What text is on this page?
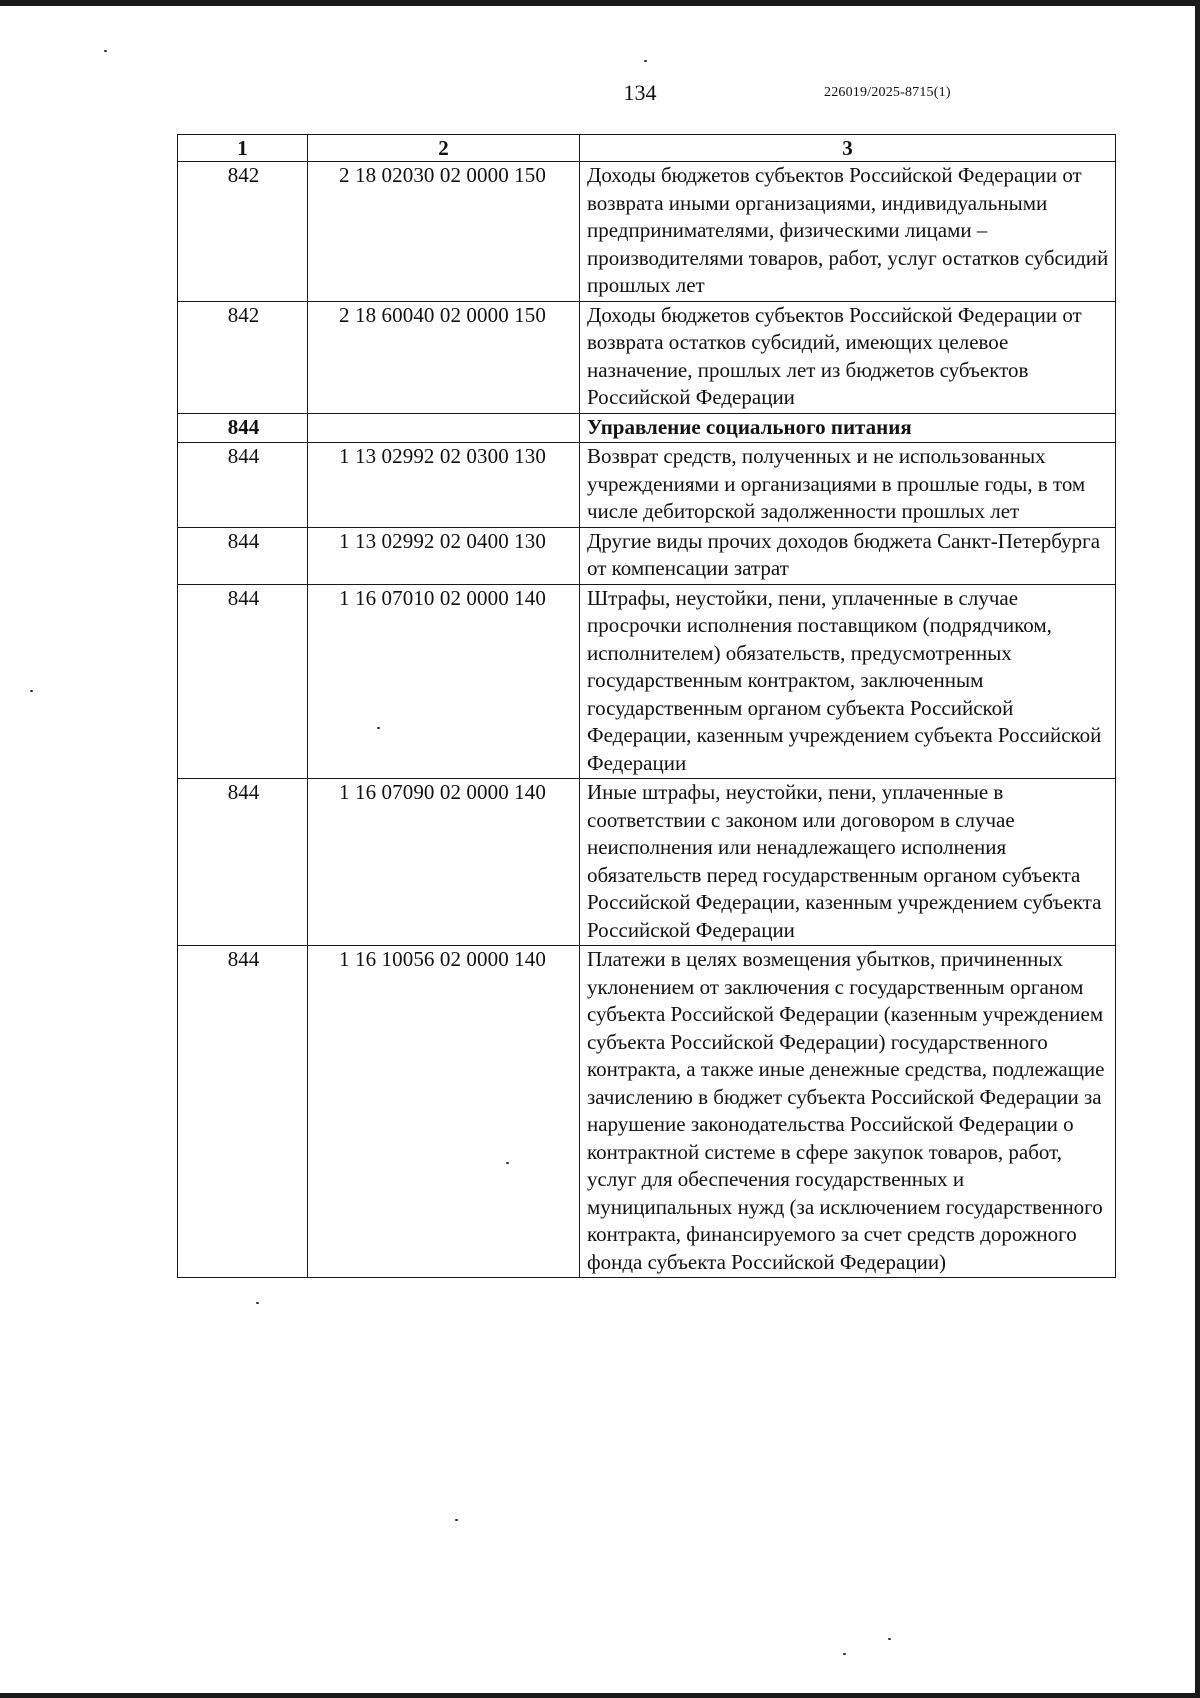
134	226019/2025-8715(1)
1	2	3
842	2 18 02030 02 0000 150	Доходы бюджетов субъектов Российской Федерации от возврата иными организациями, индивидуальными предпринимателями, физическими лицами – производителями товаров, работ, услуг остатков субсидий прошлых лет
842	2 18 60040 02 0000 150	Доходы бюджетов субъектов Российской Федерации от возврата остатков субсидий, имеющих целевое назначение, прошлых лет из бюджетов субъектов Российской Федерации
844		Управление социального питания
844	1 13 02992 02 0300 130	Возврат средств, полученных и не использованных учреждениями и организациями в прошлые годы, в том числе дебиторской задолженности прошлых лет
844	1 13 02992 02 0400 130	Другие виды прочих доходов бюджета Санкт-Петербурга от компенсации затрат
844	1 16 07010 02 0000 140	Штрафы, неустойки, пени, уплаченные в случае просрочки исполнения поставщиком (подрядчиком, исполнителем) обязательств, предусмотренных государственным контрактом, заключенным государственным органом субъекта Российской Федерации, казенным учреждением субъекта Российской Федерации
844	1 16 07090 02 0000 140	Иные штрафы, неустойки, пени, уплаченные в соответствии с законом или договором в случае неисполнения или ненадлежащего исполнения обязательств перед государственным органом субъекта Российской Федерации, казенным учреждением субъекта Российской Федерации
844	1 16 10056 02 0000 140	Платежи в целях возмещения убытков, причиненных уклонением от заключения с государственным органом субъекта Российской Федерации (казенным учреждением субъекта Российской Федерации) государственного контракта, а также иные денежные средства, подлежащие зачислению в бюджет субъекта Российской Федерации за нарушение законодательства Российской Федерации о контрактной системе в сфере закупок товаров, работ, услуг для обеспечения государственных и муниципальных нужд (за исключением государственного контракта, финансируемого за счет средств дорожного фонда субъекта Российской Федерации)
